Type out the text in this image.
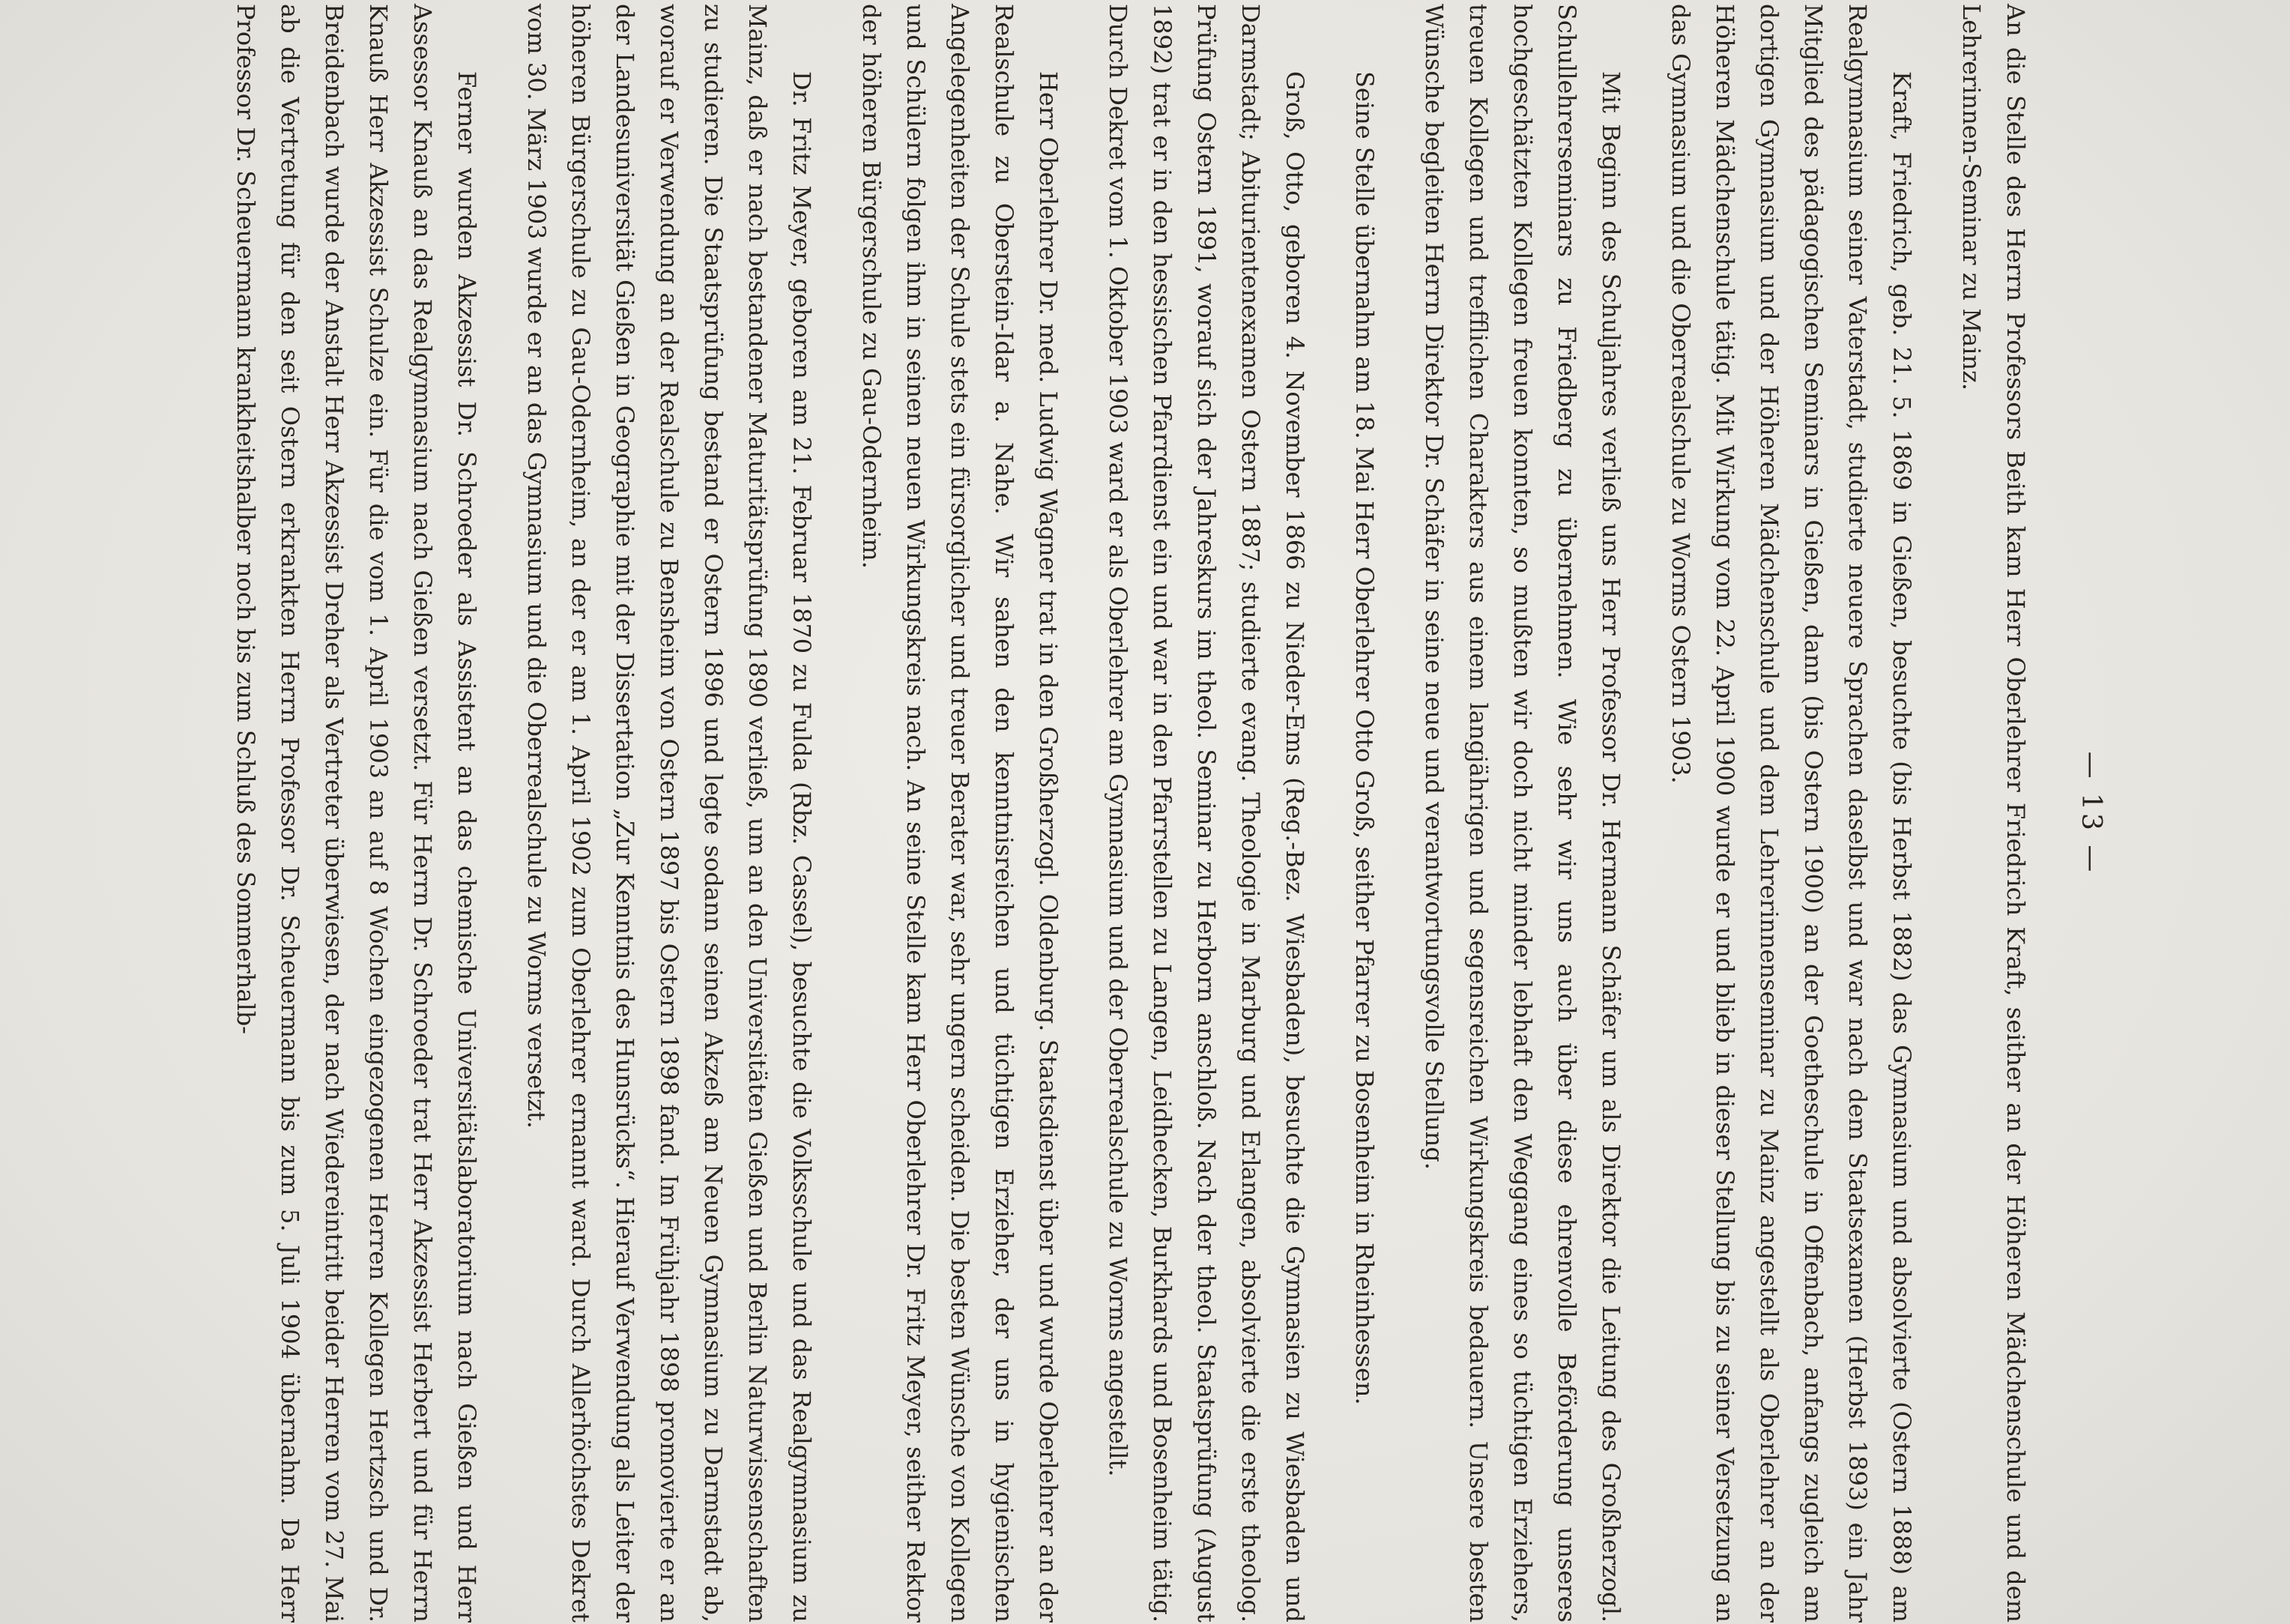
— 13 —

An die Stelle des Herrn Professors Beith kam Herr Oberlehrer Friedrich Kraft, seither an der Höheren Mädchenschule und dem Lehrerinnen-Seminar zu Mainz.

Kraft, Friedrich, geb. 21. 5. 1869 in Gießen, besuchte (bis Herbst 1882) das Gymnasium und absolvierte (Ostern 1888) am Realgymnasium seiner Vaterstadt, studierte neuere Sprachen daselbst und war nach dem Staatsexamen (Herbst 1893) ein Jahr Mitglied des pädagogischen Seminars in Gießen, dann (bis Ostern 1900) an der Goetheschule in Offenbach, anfangs zugleich am dortigen Gymnasium und der Höheren Mädchenschule und dem Lehrerinnenseminar zu Mainz angestellt als Oberlehrer an der Höheren Mädchenschule tätig. Mit Wirkung vom 22. April 1900 wurde er und blieb in dieser Stellung bis zu seiner Versetzung an das Gymnasium und die Oberrealschule zu Worms Ostern 1903.

Mit Beginn des Schuljahres verließ uns Herr Professor Dr. Hermann Schäfer um als Direktor die Leitung des Großherzogl. Schullehrerseminars zu Friedberg zu übernehmen. Wie sehr wir uns auch über diese ehrenvolle Beförderung unseres hochgeschätzten Kollegen freuen konnten, so mußten wir doch nicht minder lebhaft den Weggang eines so tüchtigen Erziehers, treuen Kollegen und trefflichen Charakters aus einem langjährigen und segensreichen Wirkungskreis bedauern. Unsere besten Wünsche begleiten Herrn Direktor Dr. Schäfer in seine neue und verantwortungsvolle Stellung.

Seine Stelle übernahm am 18. Mai Herr Oberlehrer Otto Groß, seither Pfarrer zu Bosenheim in Rheinhessen.

Groß, Otto, geboren 4. November 1866 zu Nieder-Ems (Reg.-Bez. Wiesbaden), besuchte die Gymnasien zu Wiesbaden und Darmstadt; Abiturientenexamen Ostern 1887; studierte evang. Theologie in Marburg und Erlangen, absolvierte die erste theolog. Prüfung Ostern 1891, worauf sich der Jahreskurs im theol. Seminar zu Herborn anschloß. Nach der theol. Staatsprüfung (August 1892) trat er in den hessischen Pfarrdienst ein und war in den Pfarrstellen zu Langen, Leidhecken, Burkhards und Bosenheim tätig. Durch Dekret vom 1. Oktober 1903 ward er als Oberlehrer am Gymnasium und der Oberrealschule zu Worms angestellt.

Herr Oberlehrer Dr. med. Ludwig Wagner trat in den Großherzogl. Oldenburg. Staatsdienst über und wurde Oberlehrer an der Realschule zu Oberstein-Idar a. Nahe. Wir sahen den kenntnisreichen und tüchtigen Erzieher, der uns in hygienischen Angelegenheiten der Schule stets ein fürsorglicher und treuer Berater war, sehr ungern scheiden. Die besten Wünsche von Kollegen und Schülern folgen ihm in seinen neuen Wirkungskreis nach. An seine Stelle kam Herr Oberlehrer Dr. Fritz Meyer, seither Rektor der höheren Bürgerschule zu Gau-Odernheim.

Dr. Fritz Meyer, geboren am 21. Februar 1870 zu Fulda (Rbz. Cassel), besuchte die Volksschule und das Realgymnasium zu Mainz, daß er nach bestandener Maturitätsprüfung 1890 verließ, um an den Universitäten Gießen und Berlin Naturwissenschaften zu studieren. Die Staatsprüfung bestand er Ostern 1896 und legte sodann seinen Akzeß am Neuen Gymnasium zu Darmstadt ab, worauf er Verwendung an der Realschule zu Bensheim von Ostern 1897 bis Ostern 1898 fand. Im Frühjahr 1898 promovierte er an der Landesuniversität Gießen in Geographie mit der Dissertation „Zur Kenntnis des Hunsrücks“. Hierauf Verwendung als Leiter der höheren Bürgerschule zu Gau-Odernheim, an der er am 1. April 1902 zum Oberlehrer ernannt ward. Durch Allerhöchstes Dekret vom 30. März 1903 wurde er an das Gymnasium und die Oberrealschule zu Worms versetzt.

Ferner wurden Akzessist Dr. Schroeder als Assistent an das chemische Universitätslaboratorium nach Gießen und Herr Assessor Knauß an das Realgymnasium nach Gießen versetzt. Für Herrn Dr. Schroeder trat Herr Akzessist Herbert und für Herrn Knauß Herr Akzessist Schulze ein. Für die vom 1. April 1903 an auf 8 Wochen eingezogenen Herren Kollegen Hertzsch und Dr. Breidenbach wurde der Anstalt Herr Akzessist Dreher als Vertreter überwiesen, der nach Wiedereintritt beider Herren vom 27. Mai ab die Vertretung für den seit Ostern erkrankten Herrn Professor Dr. Scheuermann bis zum 5. Juli 1904 übernahm. Da Herr Professor Dr. Scheuermann krankheitshalber noch bis zum Schluß des Sommerhalb-
